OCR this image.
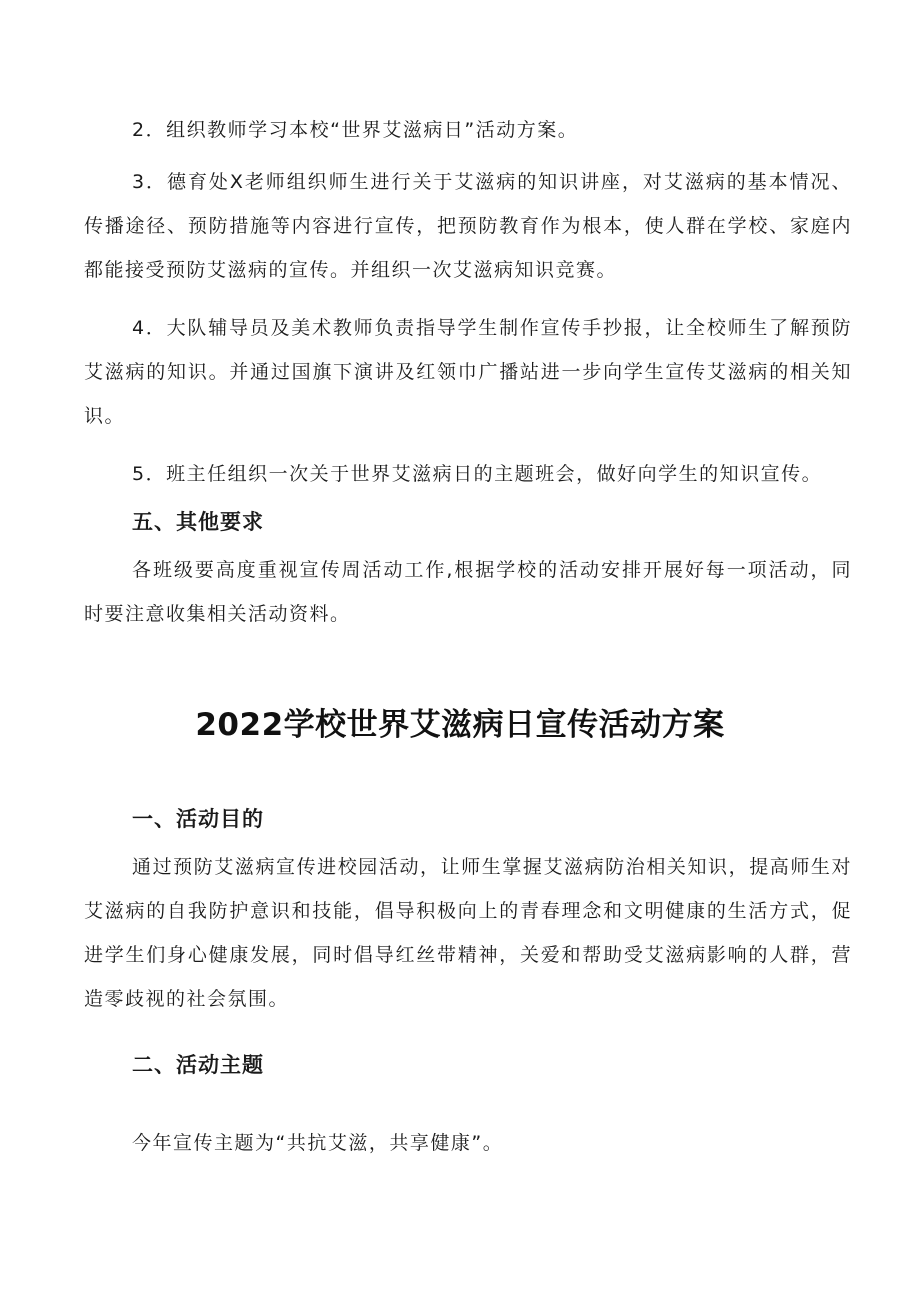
2．组织教师学习本校“世界艾滋病日”活动方案。

3．德育处X老师组织师生进行关于艾滋病的知识讲座，对艾滋病的基本情况、传播途径、预防措施等内容进行宣传，把预防教育作为根本，使人群在学校、家庭内都能接受预防艾滋病的宣传。并组织一次艾滋病知识竞赛。

4．大队辅导员及美术教师负责指导学生制作宣传手抄报，让全校师生了解预防艾滋病的知识。并通过国旗下演讲及红领巾广播站进一步向学生宣传艾滋病的相关知识。

5．班主任组织一次关于世界艾滋病日的主题班会，做好向学生的知识宣传。

五、其他要求

各班级要高度重视宣传周活动工作,根据学校的活动安排开展好每一项活动，同时要注意收集相关活动资料。

2022学校世界艾滋病日宣传活动方案
一、活动目的

通过预防艾滋病宣传进校园活动，让师生掌握艾滋病防治相关知识，提高师生对艾滋病的自我防护意识和技能，倡导积极向上的青春理念和文明健康的生活方式，促进学生们身心健康发展，同时倡导红丝带精神，关爱和帮助受艾滋病影响的人群，营造零歧视的社会氛围。

二、活动主题

今年宣传主题为“共抗艾滋，共享健康”。
